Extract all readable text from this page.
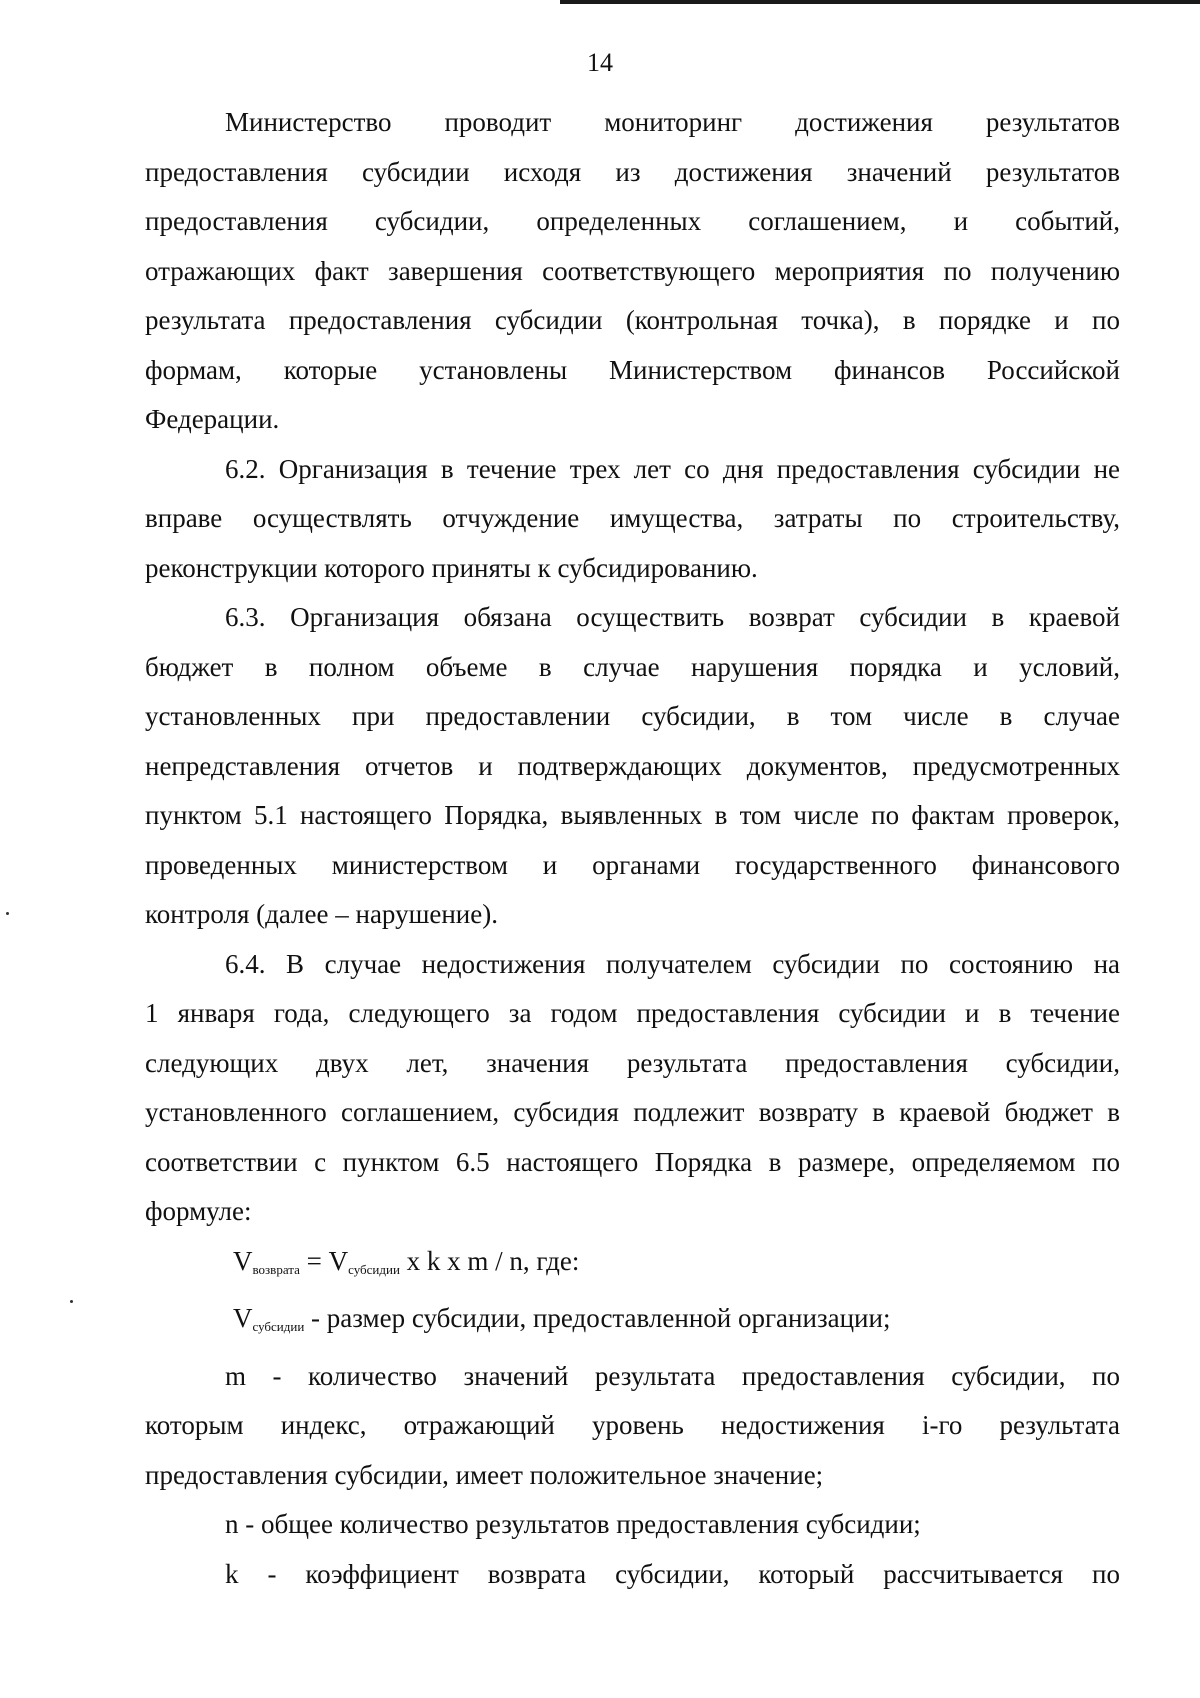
14
Министерство проводит мониторинг достижения результатов
предоставления субсидии исходя из достижения значений результатов
предоставления субсидии, определенных соглашением, и событий,
отражающих факт завершения соответствующего мероприятия по получению
результата предоставления субсидии (контрольная точка), в порядке и по
формам, которые установлены Министерством финансов Российской
Федерации.
6.2. Организация в течение трех лет со дня предоставления субсидии не
вправе осуществлять отчуждение имущества, затраты по строительству,
реконструкции которого приняты к субсидированию.
6.3. Организация обязана осуществить возврат субсидии в краевой
бюджет в полном объеме в случае нарушения порядка и условий,
установленных при предоставлении субсидии, в том числе в случае
непредставления отчетов и подтверждающих документов, предусмотренных
пунктом 5.1 настоящего Порядка, выявленных в том числе по фактам проверок,
проведенных министерством и органами государственного финансового
контроля (далее – нарушение).
6.4. В случае недостижения получателем субсидии по состоянию на
1 января года, следующего за годом предоставления субсидии и в течение
следующих двух лет, значения результата предоставления субсидии,
установленного соглашением, субсидия подлежит возврату в краевой бюджет в
соответствии с пунктом 6.5 настоящего Порядка в размере, определяемом по
формуле:
$V_{возврата} = V_{субсидии}$ х k х m / n, где:
$V_{субсидии}$ - размер субсидии, предоставленной организации;
m - количество значений результата предоставления субсидии, по
которым индекс, отражающий уровень недостижения i-го результата
предоставления субсидии, имеет положительное значение;
n - общее количество результатов предоставления субсидии;
k - коэффициент возврата субсидии, который рассчитывается по
